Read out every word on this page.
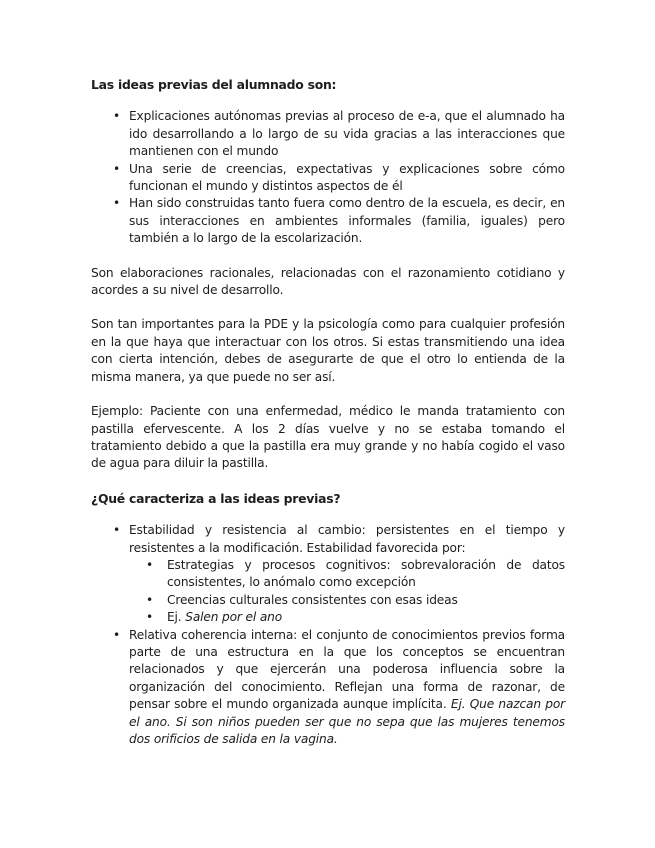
Las ideas previas del alumnado son:
• Explicaciones autónomas previas al proceso de e-a, que el alumnado ha ido desarrollando a lo largo de su vida gracias a las interacciones que mantienen con el mundo
• Una serie de creencias, expectativas y explicaciones sobre cómo funcionan el mundo y distintos aspectos de él
• Han sido construidas tanto fuera como dentro de la escuela, es decir, en sus interacciones en ambientes informales (familia, iguales) pero también a lo largo de la escolarización.

Son elaboraciones racionales, relacionadas con el razonamiento cotidiano y acordes a su nivel de desarrollo.

Son tan importantes para la PDE y la psicología como para cualquier profesión en la que haya que interactuar con los otros. Si estas transmitiendo una idea con cierta intención, debes de asegurarte de que el otro lo entienda de la misma manera, ya que puede no ser así.

Ejemplo: Paciente con una enfermedad, médico le manda tratamiento con pastilla efervescente. A los 2 días vuelve y no se estaba tomando el tratamiento debido a que la pastilla era muy grande y no había cogido el vaso de agua para diluir la pastilla.

¿Qué caracteriza a las ideas previas?
• Estabilidad y resistencia al cambio: persistentes en el tiempo y resistentes a la modificación. Estabilidad favorecida por:
• Estrategias y procesos cognitivos: sobrevaloración de datos consistentes, lo anómalo como excepción
• Creencias culturales consistentes con esas ideas
• Ej. Salen por el ano
• Relativa coherencia interna: el conjunto de conocimientos previos forma parte de una estructura en la que los conceptos se encuentran relacionados y que ejercerán una poderosa influencia sobre la organización del conocimiento. Reflejan una forma de razonar, de pensar sobre el mundo organizada aunque implícita. Ej. Que nazcan por el ano. Si son niños pueden ser que no sepa que las mujeres tenemos dos orificios de salida en la vagina.
